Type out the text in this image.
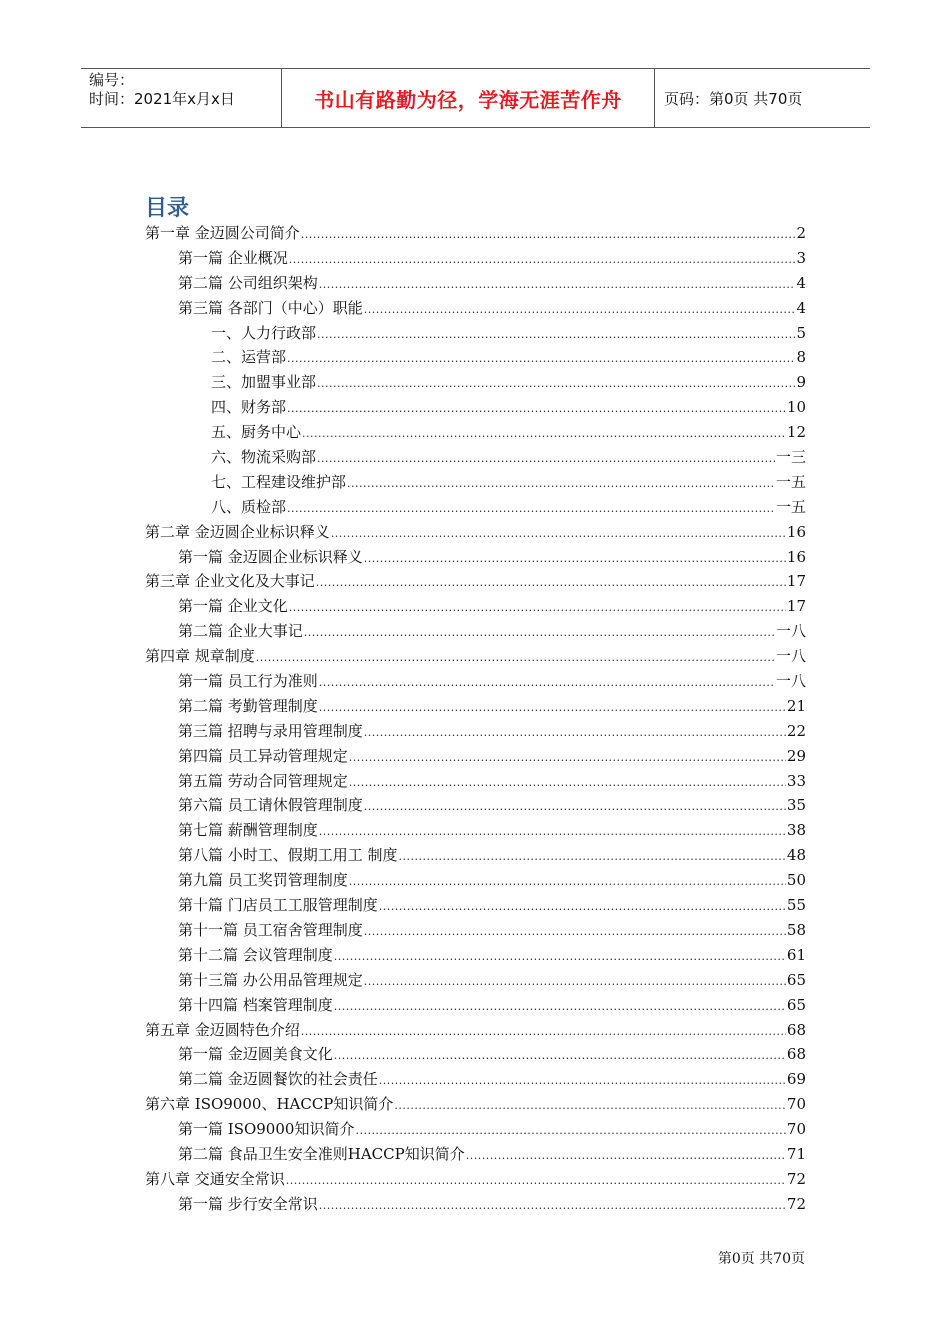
编号：
时间：2021年x月x日	书山有路勤为径，学海无涯苦作舟	页码：第0页 共70页
目录
第一章 金迈圆公司简介 .....	2
第一篇 企业概况 .....	3
第二篇 公司组织架构 .....	4
第三篇 各部门（中心）职能 .....	4
一、人力行政部 .....	5
二、运营部 .....	8
三、加盟事业部 .....	9
四、财务部 .....	10
五、厨务中心 .....	12
六、物流采购部 .....	一三
七、工程建设维护部 .....	一五
八、质检部 .....	一五
第二章 金迈圆企业标识释义 .....	16
第一篇 金迈圆企业标识释义 .....	16
第三章 企业文化及大事记 .....	17
第一篇 企业文化 .....	17
第二篇 企业大事记 .....	一八
第四章 规章制度 .....	一八
第一篇 员工行为准则 .....	一八
第二篇 考勤管理制度 .....	21
第三篇 招聘与录用管理制度 .....	22
第四篇 员工异动管理规定 .....	29
第五篇 劳动合同管理规定 .....	33
第六篇 员工请休假管理制度 .....	35
第七篇 薪酬管理制度 .....	38
第八篇 小时工、假期工用工 制度 .....	48
第九篇 员工奖罚管理制度 .....	50
第十篇 门店员工工服管理制度 .....	55
第十一篇 员工宿舍管理制度 .....	58
第十二篇 会议管理制度 .....	61
第十三篇 办公用品管理规定 .....	65
第十四篇 档案管理制度 .....	65
第五章 金迈圆特色介绍 .....	68
第一篇 金迈圆美食文化 .....	68
第二篇 金迈圆餐饮的社会责任 .....	69
第六章 ISO9000、HACCP知识简介 .....	70
第一篇 ISO9000知识简介 .....	70
第二篇 食品卫生安全准则HACCP知识简介 .....	71
第八章 交通安全常识 .....	72
第一篇 步行安全常识 .....	72
第0页 共70页
